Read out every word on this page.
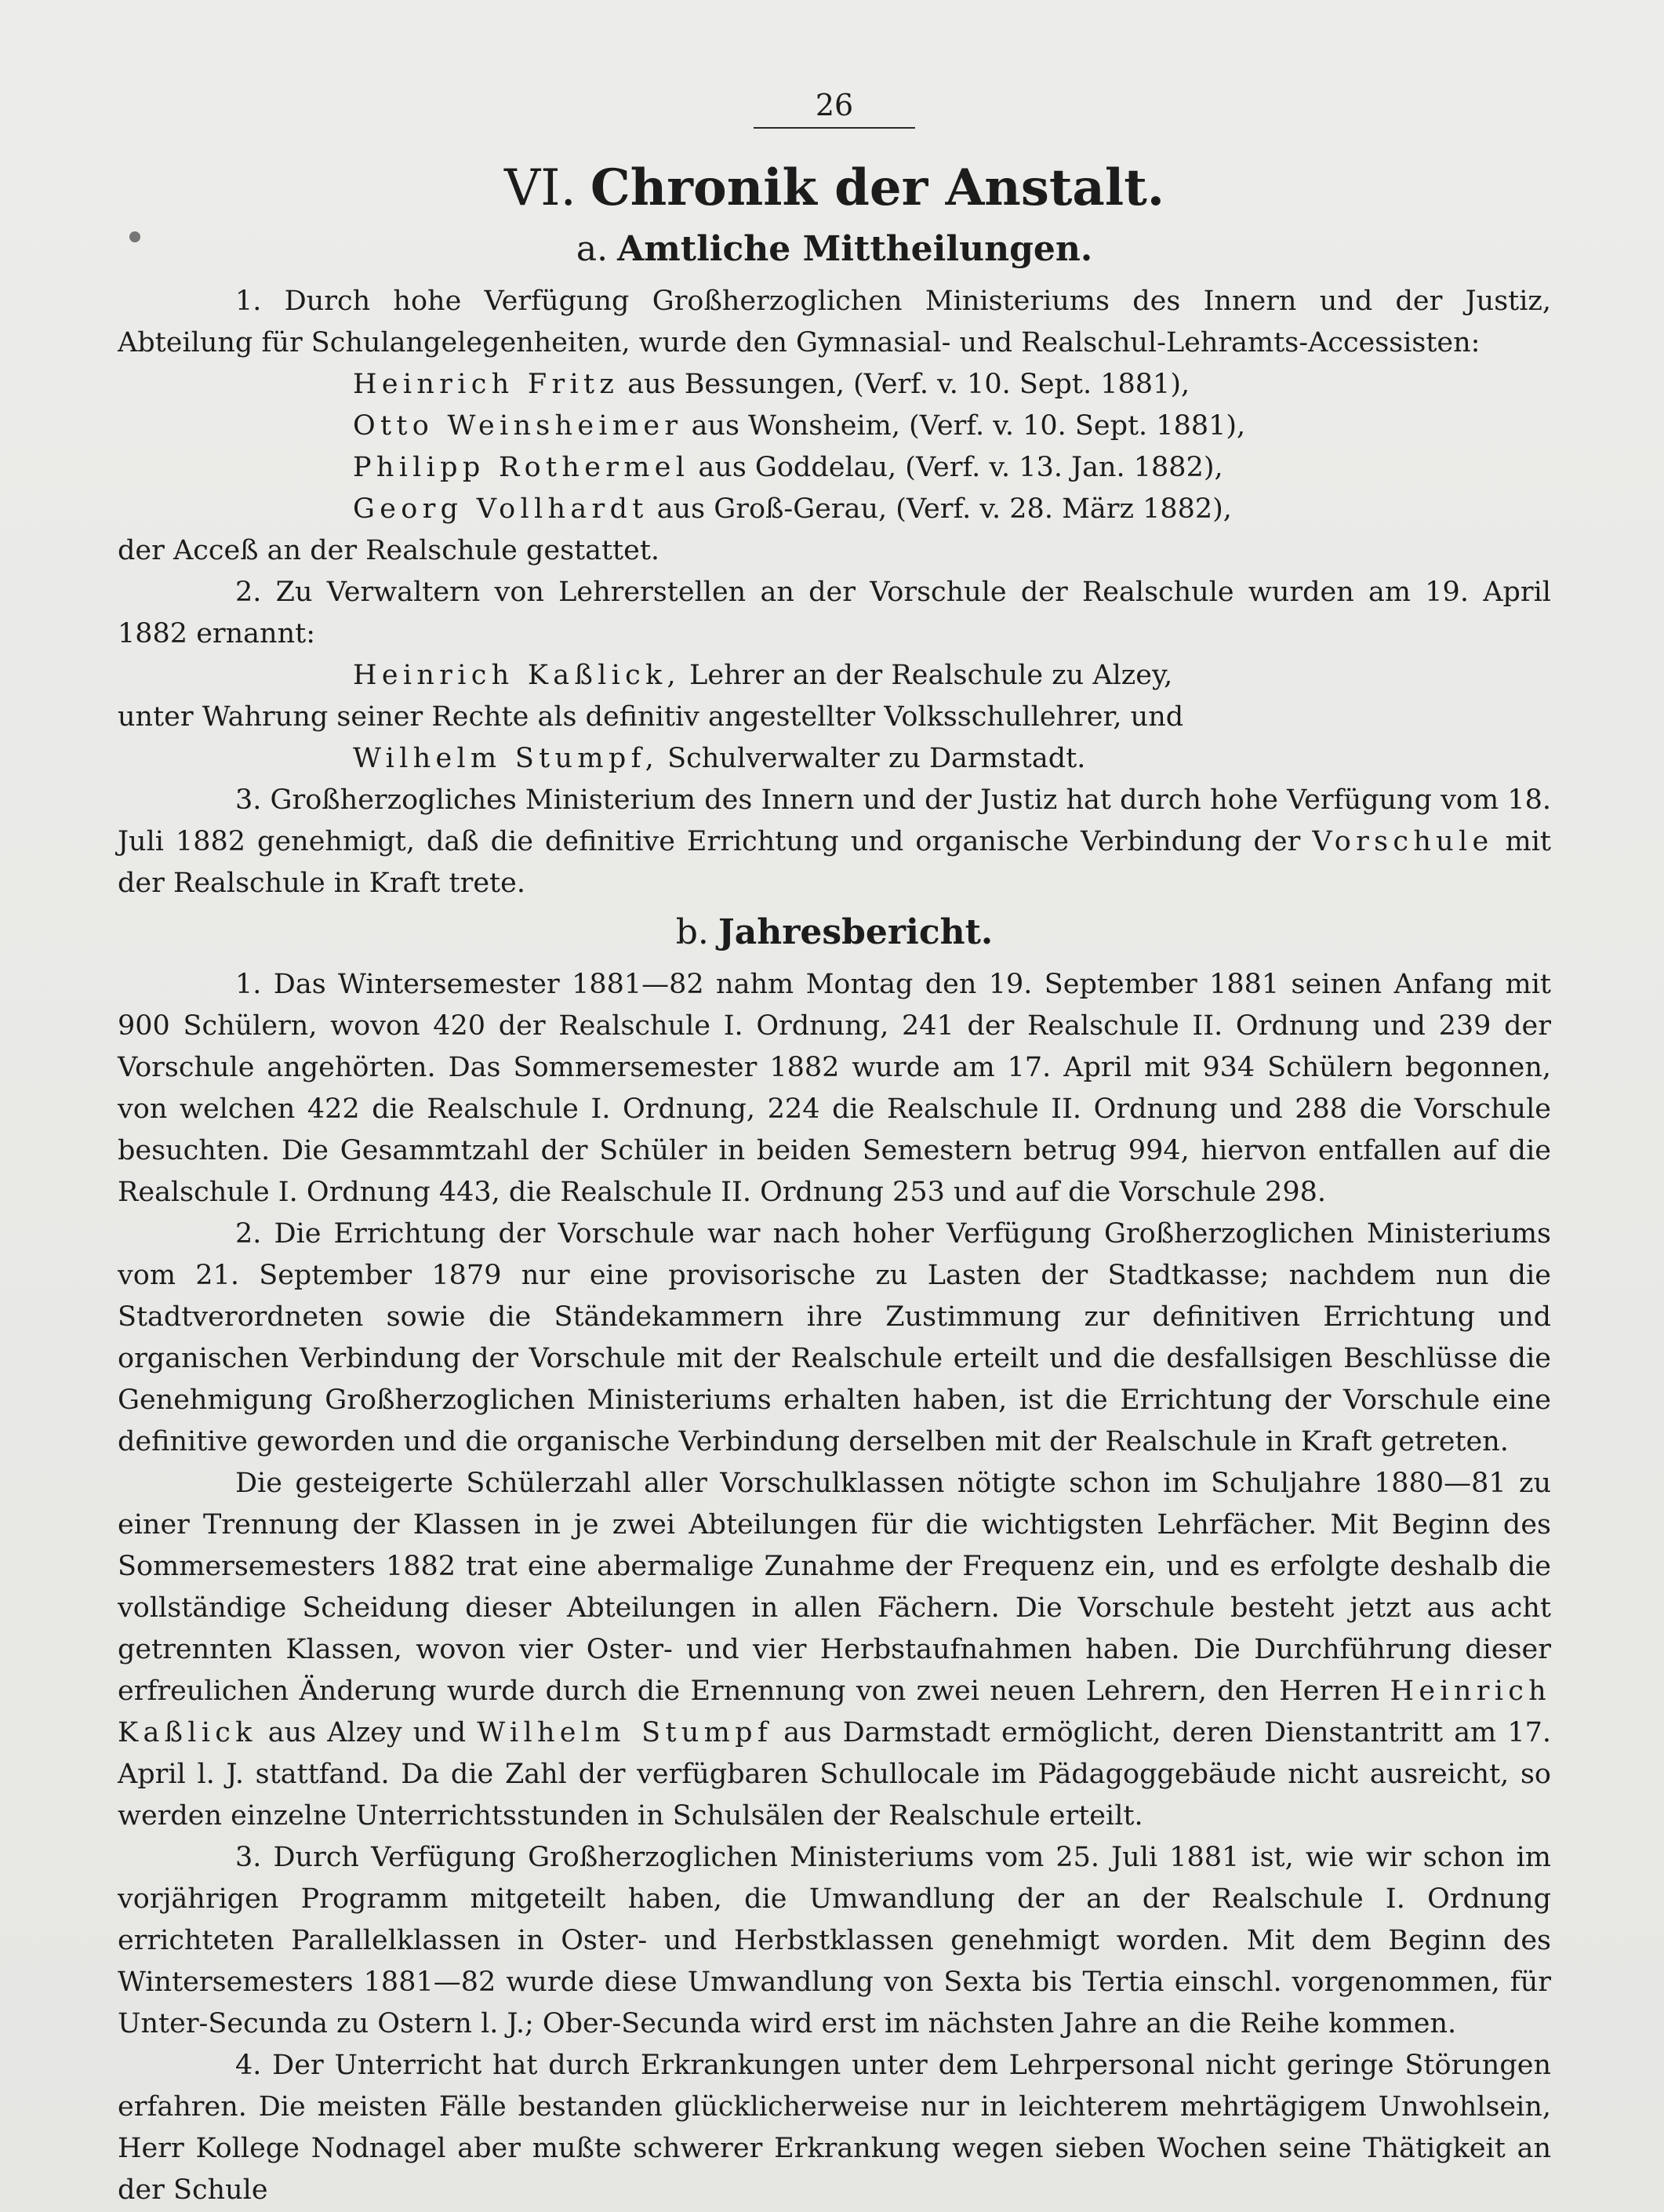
26
VI. Chronik der Anstalt.
a. Amtliche Mittheilungen.

1. Durch hohe Verfügung Großherzoglichen Ministeriums des Innern und der Justiz, Abteilung für Schulangelegenheiten, wurde den Gymnasial- und Realschul-Lehramts-Accessisten:

Heinrich Fritz aus Bessungen, (Verf. v. 10. Sept. 1881),

Otto Weinsheimer aus Wonsheim, (Verf. v. 10. Sept. 1881),

Philipp Rothermel aus Goddelau, (Verf. v. 13. Jan. 1882),

Georg Vollhardt aus Groß-Gerau, (Verf. v. 28. März 1882),

der Acceß an der Realschule gestattet.

2. Zu Verwaltern von Lehrerstellen an der Vorschule der Realschule wurden am 19. April 1882 ernannt:

Heinrich Kaßlick, Lehrer an der Realschule zu Alzey,

unter Wahrung seiner Rechte als definitiv angestellter Volksschullehrer, und

Wilhelm Stumpf, Schulverwalter zu Darmstadt.

3. Großherzogliches Ministerium des Innern und der Justiz hat durch hohe Verfügung vom 18. Juli 1882 genehmigt, daß die definitive Errichtung und organische Verbindung der Vorschule mit der Realschule in Kraft trete.

b. Jahresbericht.

1. Das Wintersemester 1881—82 nahm Montag den 19. September 1881 seinen Anfang mit 900 Schülern, wovon 420 der Realschule I. Ordnung, 241 der Realschule II. Ordnung und 239 der Vorschule angehörten. Das Sommersemester 1882 wurde am 17. April mit 934 Schülern begonnen, von welchen 422 die Realschule I. Ordnung, 224 die Realschule II. Ordnung und 288 die Vorschule besuchten. Die Gesammtzahl der Schüler in beiden Semestern betrug 994, hiervon entfallen auf die Realschule I. Ordnung 443, die Realschule II. Ordnung 253 und auf die Vorschule 298.

2. Die Errichtung der Vorschule war nach hoher Verfügung Großherzoglichen Ministeriums vom 21. September 1879 nur eine provisorische zu Lasten der Stadtkasse; nachdem nun die Stadtverordneten sowie die Ständekammern ihre Zustimmung zur definitiven Errichtung und organischen Verbindung der Vorschule mit der Realschule erteilt und die desfallsigen Beschlüsse die Genehmigung Großherzoglichen Ministeriums erhalten haben, ist die Errichtung der Vorschule eine definitive geworden und die organische Verbindung derselben mit der Realschule in Kraft getreten.

Die gesteigerte Schülerzahl aller Vorschulklassen nötigte schon im Schuljahre 1880—81 zu einer Trennung der Klassen in je zwei Abteilungen für die wichtigsten Lehrfächer. Mit Beginn des Sommersemesters 1882 trat eine abermalige Zunahme der Frequenz ein, und es erfolgte deshalb die vollständige Scheidung dieser Abteilungen in allen Fächern. Die Vorschule besteht jetzt aus acht getrennten Klassen, wovon vier Oster- und vier Herbstaufnahmen haben. Die Durchführung dieser erfreulichen Änderung wurde durch die Ernennung von zwei neuen Lehrern, den Herren Heinrich Kaßlick aus Alzey und Wilhelm Stumpf aus Darmstadt ermöglicht, deren Dienstantritt am 17. April l. J. stattfand. Da die Zahl der verfügbaren Schullocale im Pädagoggebäude nicht ausreicht, so werden einzelne Unterrichtsstunden in Schulsälen der Realschule erteilt.

3. Durch Verfügung Großherzoglichen Ministeriums vom 25. Juli 1881 ist, wie wir schon im vorjährigen Programm mitgeteilt haben, die Umwandlung der an der Realschule I. Ordnung errichteten Parallelklassen in Oster- und Herbstklassen genehmigt worden. Mit dem Beginn des Wintersemesters 1881—82 wurde diese Umwandlung von Sexta bis Tertia einschl. vorgenommen, für Unter-Secunda zu Ostern l. J.; Ober-Secunda wird erst im nächsten Jahre an die Reihe kommen.

4. Der Unterricht hat durch Erkrankungen unter dem Lehrpersonal nicht geringe Störungen erfahren. Die meisten Fälle bestanden glücklicherweise nur in leichterem mehrtägigem Unwohlsein, Herr Kollege Nodnagel aber mußte schwerer Erkrankung wegen sieben Wochen seine Thätigkeit an der Schule
